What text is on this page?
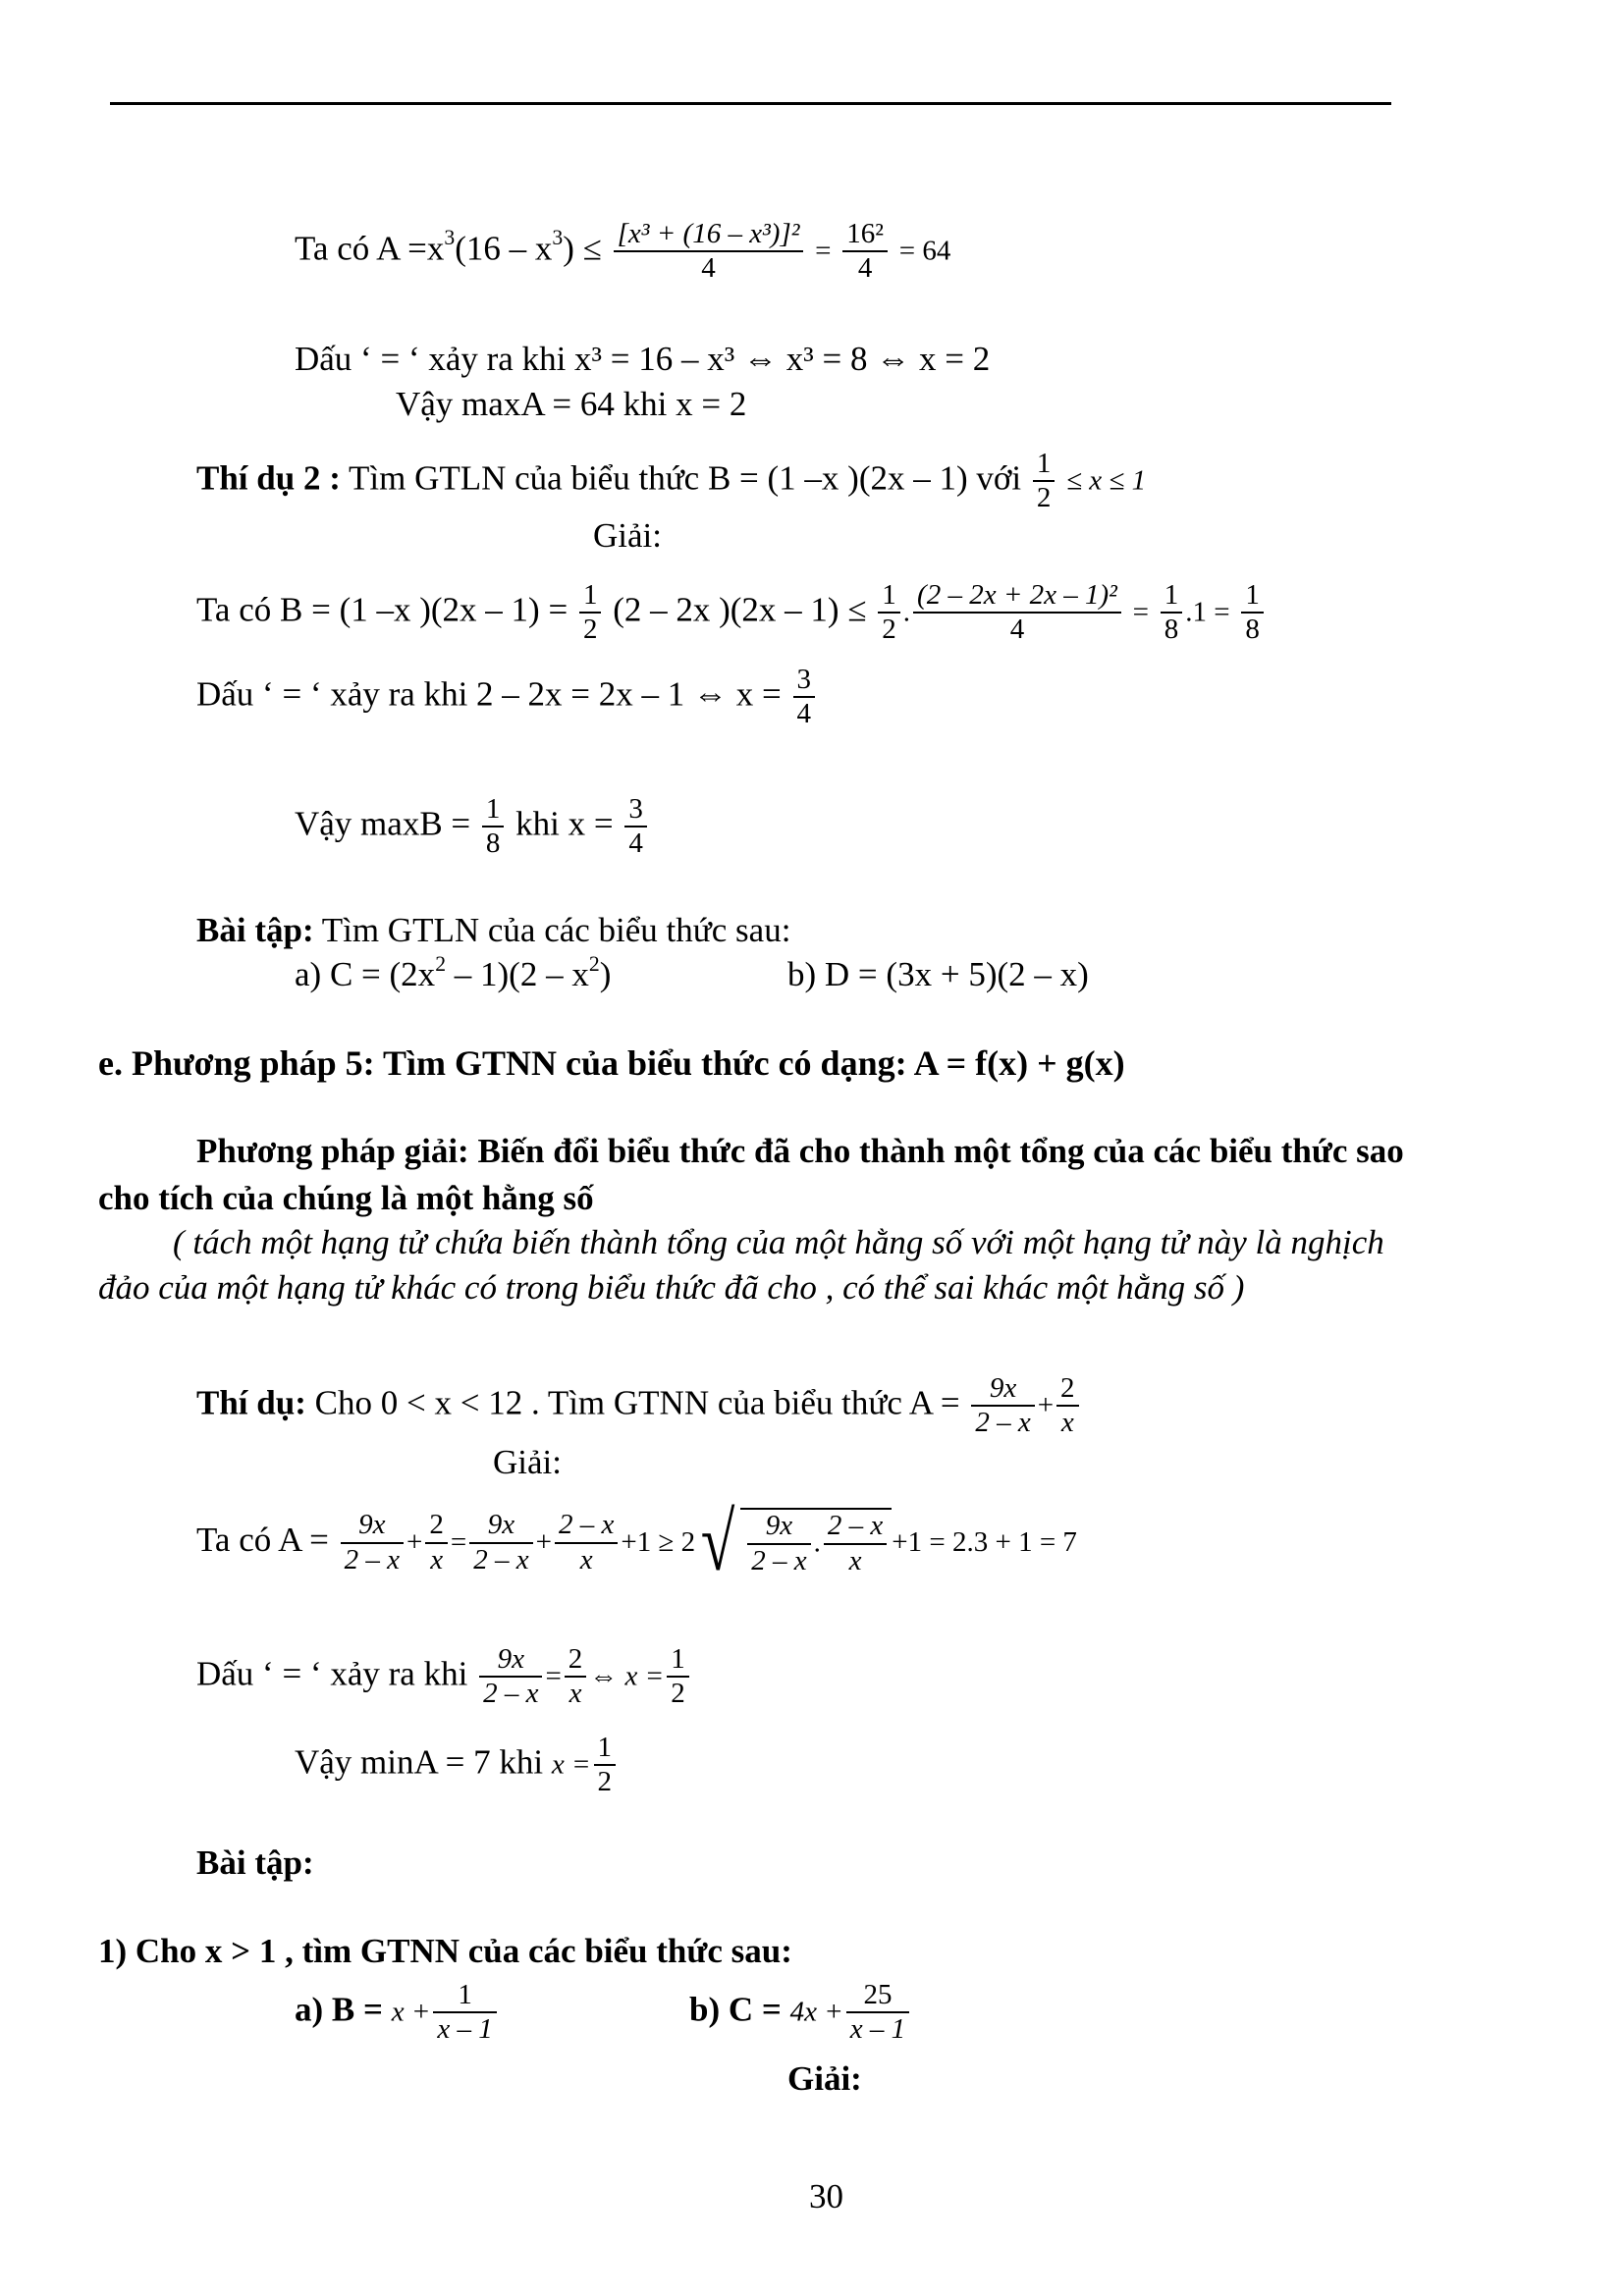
Ta có $A =x^3(16 - x^3) \le \frac{\text{[x³ + (16 – x³)]²}}{4} = \frac{\text{16²}}{4} = 64$
Dấu ‘ = ‘ xảy ra khi x³ = 16 – x³ ⇔ x³ = 8 ⇔ x = 2
Vậy maxA = 64 khi x = 2
Thí dụ 2 : Tìm GTLN của biểu thức B = (1 –x )(2x – 1) với $\frac{1}{2} \le x \le 1$
Giải:
Ta có B = (1 –x )$(2x - 1) = \frac{1}{2} (2 - 2x$ )$(2x - 1) \le \frac{1}{2}$ . $\frac{\text{(2 – 2x + 2x – 1)²}}{4} = \frac{1}{8} .1 = \frac{1}{8}$
Dấu ‘ = ‘ xảy ra khi 2 – 2x = 2x – 1 ⇔ $x = \frac{3}{4}$
Vậy $\max B = \frac{1}{8}$ khi $x = \frac{3}{4}$
Bài tập: Tìm GTLN của các biểu thức sau:
a) $C = (2x^2 - 1)(2 - x^2)$	b) D = (3x + 5)(2 – x)
e. Phương pháp 5: Tìm GTNN của biểu thức có dạng: A = f(x) + g(x)
Phương pháp giải: Biến đổi biểu thức đã cho thành một tổng của các biểu thức sao
cho tích của chúng là một hằng số
( tách một hạng tử chứa biến thành tổng của một hằng số với một hạng tử này là nghịch
đảo của một hạng tử khác có trong biểu thức đã cho , có thể sai khác một hằng số )
Thí dụ: Cho 0 < x < 12 . Tìm GTNN của biểu thức $A = \frac{9x}{2 - x} + \frac{2}{x}$
Giải:
Ta có $A = \frac{9x}{2 - x} + \frac{2}{x} = \frac{9x}{2 - x} + \frac{2 - x}{x} +1 \ge 2√ \frac{9x}{2 - x}$ . $\frac{2 - x}{x} +1 = 2.3 + 1 = 7$
Dấu ‘ = ‘ xảy ra khi $\frac{9x}{2 - x} = \frac{2}{x}$ ⇔ $x = \frac{1}{2}$
Vậy minA = 7 khi $x = \frac{1}{2}$
Bài tập:
1) Cho x > 1 , tìm GTNN của các biểu thức sau:
a) $B = x + \frac{1}{x - 1}$	b) $C = 4x + \frac{25}{x - 1}$
Giải:
30
